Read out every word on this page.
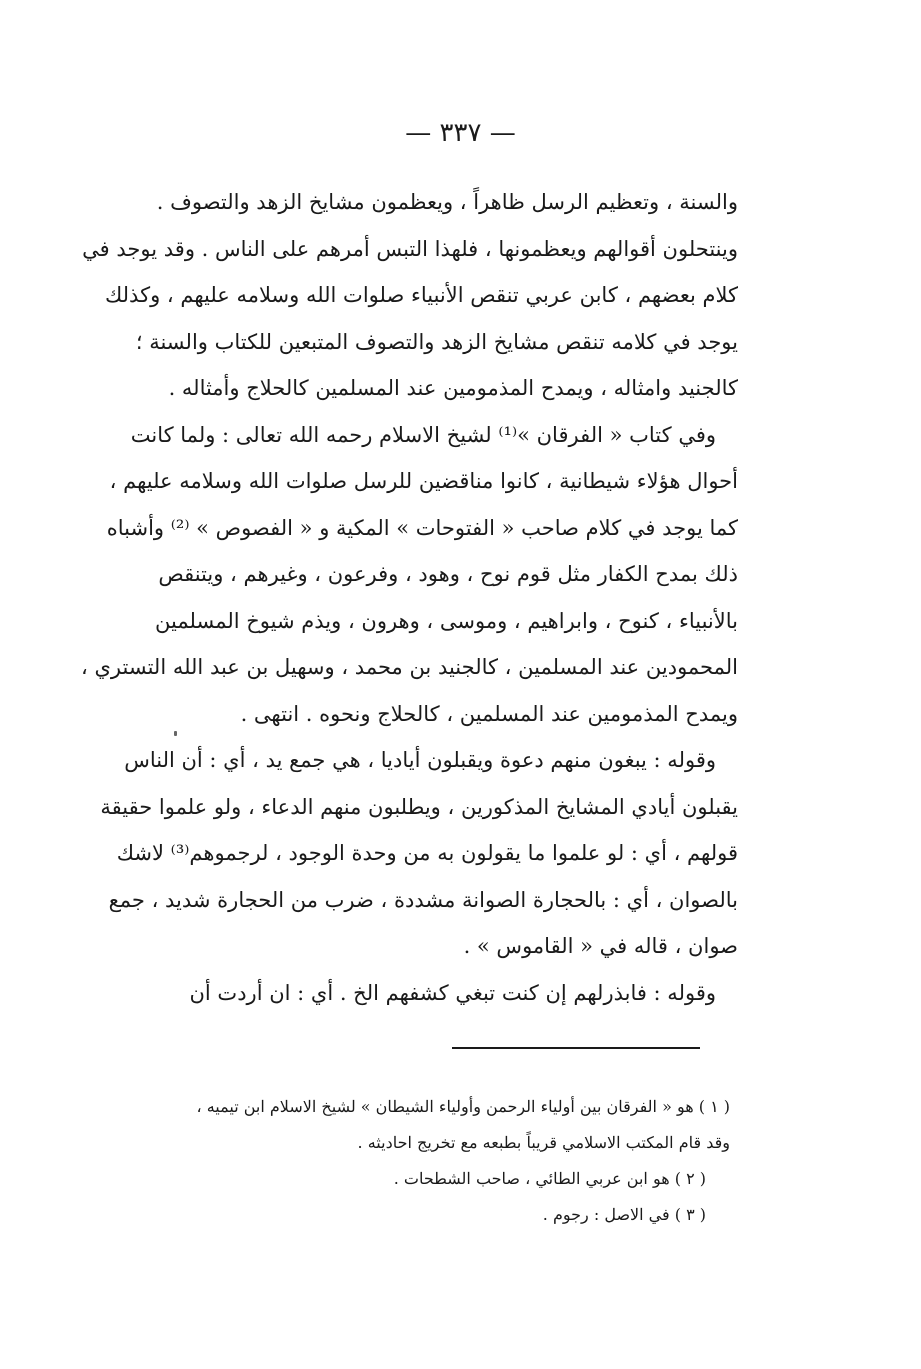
— ٣٣٧ —
والسنة ، وتعظيم الرسل ظاهراً ، ويعظمون مشايخ الزهد والتصوف .
وينتحلون أقوالهم ويعظمونها ، فلهذا التبس أمرهم على الناس . وقد يوجد في
كلام بعضهم ، كابن عربي تنقص الأنبياء صلوات الله وسلامه عليهم ، وكذلك
يوجد في كلامه تنقص مشايخ الزهد والتصوف المتبعين للكتاب والسنة ؛
كالجنيد وامثاله ، ويمدح المذمومين عند المسلمين كالحلاج وأمثاله .
وفي كتاب « الفرقان »⁽¹⁾ لشيخ الاسلام رحمه الله تعالى : ولما كانت
أحوال هؤلاء شيطانية ، كانوا مناقضين للرسل صلوات الله وسلامه عليهم ،
كما يوجد في كلام صاحب « الفتوحات » المكية و « الفصوص » ⁽²⁾ وأشباه
ذلك بمدح الكفار مثل قوم نوح ، وهود ، وفرعون ، وغيرهم ، ويتنقص
بالأنبياء ، كنوح ، وابراهيم ، وموسى ، وهرون ، ويذم شيوخ المسلمين
المحمودين عند المسلمين ، كالجنيد بن محمد ، وسهيل بن عبد الله التستري ،
ويمدح المذمومين عند المسلمين ، كالحلاج ونحوه . انتهى .
وقوله : يبغون منهم دعوة ويقبلون أياديا ، هي جمع يد ، أي : أن الناس
يقبلون أيادي المشايخ المذكورين ، ويطلبون منهم الدعاء ، ولو علموا حقيقة
قولهم ، أي : لو علموا ما يقولون به من وحدة الوجود ، لرجموهم⁽³⁾ لاشك
بالصوان ، أي : بالحجارة الصوانة مشددة ، ضرب من الحجارة شديد ، جمع
صوان ، قاله في « القاموس » .
وقوله : فابذرلهم إن كنت تبغي كشفهم الخ . أي : ان أردت أن
( ١ ) هو « الفرقان بين أولياء الرحمن وأولياء الشيطان » لشيخ الاسلام ابن تيميه ،
وقد قام المكتب الاسلامي قريباً بطبعه مع تخريج احاديثه .
( ٢ ) هو ابن عربي الطائي ، صاحب الشطحات .
( ٣ ) في الاصل : رجوم .
